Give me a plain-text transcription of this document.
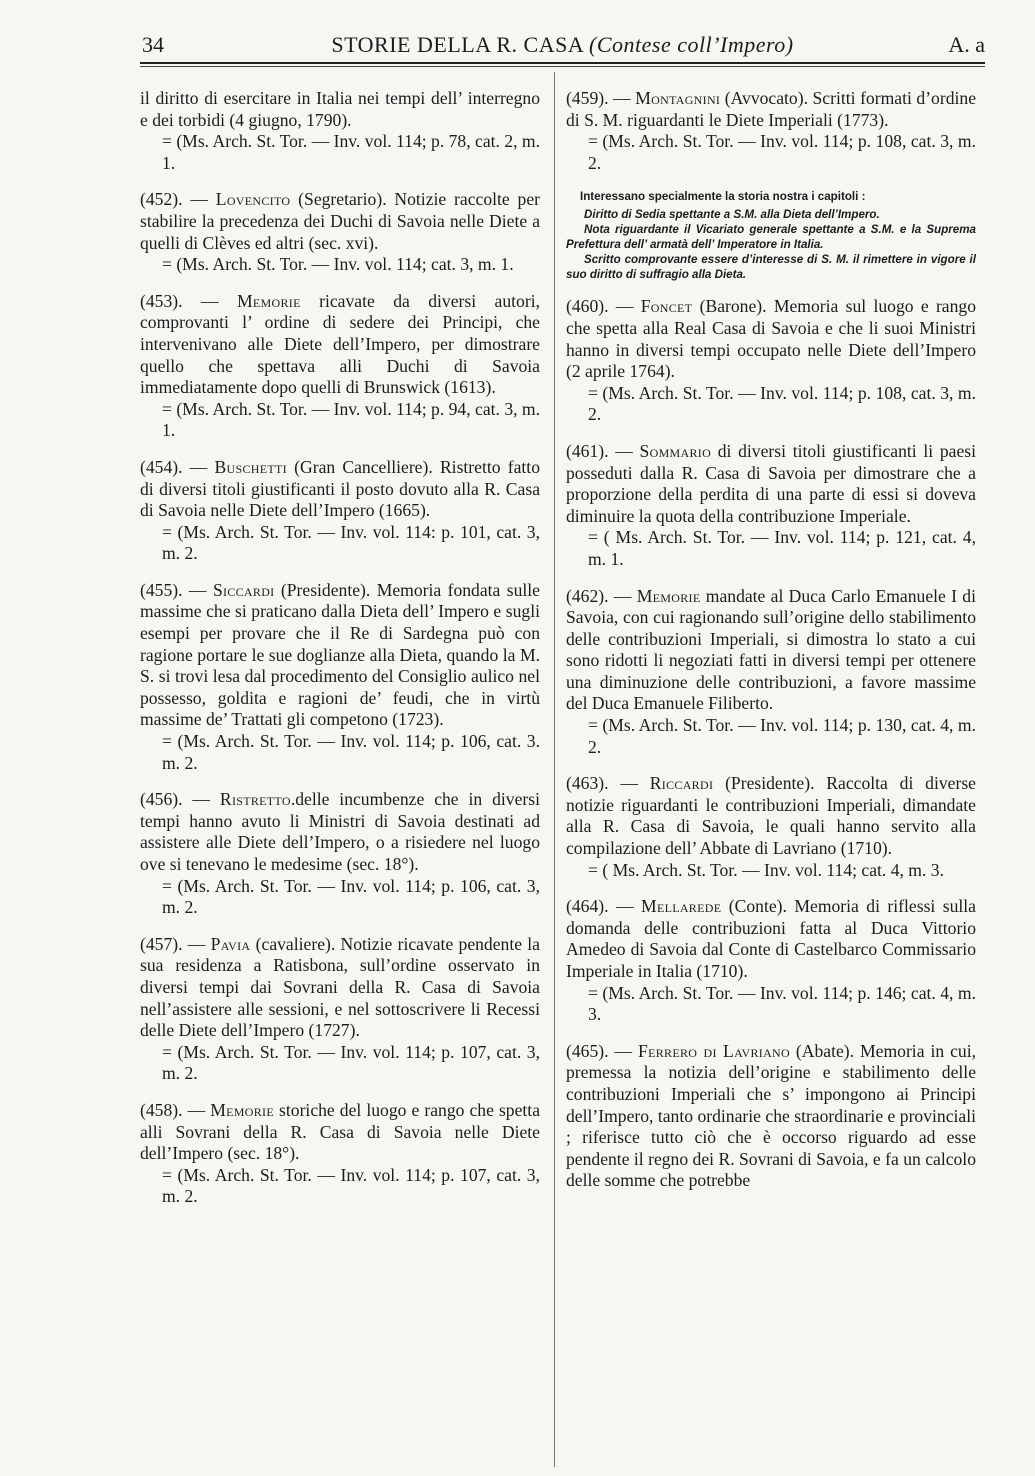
34	STORIE DELLA R. CASA (Contese coll’Impero)	A. a

il diritto di esercitare in Italia nei tempi dell’ interregno e dei torbidi (4 giugno, 1790).

= (Ms. Arch. St. Tor. — Inv. vol. 114; p. 78, cat. 2, m. 1.

(452). — Lovencito (Segretario). Notizie raccolte per stabilire la precedenza dei Duchi di Savoia nelle Diete a quelli di Clèves ed altri (sec. xvi).

= (Ms. Arch. St. Tor. — Inv. vol. 114; cat. 3, m. 1.

(453). — Memorie ricavate da diversi autori, comprovanti l’ ordine di sedere dei Principi, che intervenivano alle Diete dell’Impero, per dimostrare quello che spettava alli Duchi di Savoia immediatamente dopo quelli di Brunswick (1613).

= (Ms. Arch. St. Tor. — Inv. vol. 114; p. 94, cat. 3, m. 1.

(454). — Buschetti (Gran Cancelliere). Ristretto fatto di diversi titoli giustificanti il posto dovuto alla R. Casa di Savoia nelle Diete dell’Impero (1665).

= (Ms. Arch. St. Tor. — Inv. vol. 114: p. 101, cat. 3, m. 2.

(455). — Siccardi (Presidente). Memoria fondata sulle massime che si praticano dalla Dieta dell’ Impero e sugli esempi per provare che il Re di Sardegna può con ragione portare le sue doglianze alla Dieta, quando la M. S. si trovi lesa dal procedimento del Consiglio aulico nel possesso, goldita e ragioni de’ feudi, che in virtù massime de’ Trattati gli competono (1723).

= (Ms. Arch. St. Tor. — Inv. vol. 114; p. 106, cat. 3. m. 2.

(456). — Ristretto.delle incumbenze che in diversi tempi hanno avuto li Ministri di Savoia destinati ad assistere alle Diete dell’Impero, o a risiedere nel luogo ove si tenevano le medesime (sec. 18°).

= (Ms. Arch. St. Tor. — Inv. vol. 114; p. 106, cat. 3, m. 2.

(457). — Pavia (cavaliere). Notizie ricavate pendente la sua residenza a Ratisbona, sull’ordine osservato in diversi tempi dai Sovrani della R. Casa di Savoia nell’assistere alle sessioni, e nel sottoscrivere li Recessi delle Diete dell’Impero (1727).

= (Ms. Arch. St. Tor. — Inv. vol. 114; p. 107, cat. 3, m. 2.

(458). — Memorie storiche del luogo e rango che spetta alli Sovrani della R. Casa di Savoia nelle Diete dell’Impero (sec. 18°).

= (Ms. Arch. St. Tor. — Inv. vol. 114; p. 107, cat. 3, m. 2.

(459). — Montagnini (Avvocato). Scritti formati d’ordine di S. M. riguardanti le Diete Imperiali (1773).

= (Ms. Arch. St. Tor. — Inv. vol. 114; p. 108, cat. 3, m. 2.

Interessano specialmente la storia nostra i capitoli :
Diritto di Sedia spettante a S.M. alla Dieta dell’Impero.
Nota riguardante il Vicariato generale spettante a S.M. e la Suprema Prefettura dell’ armatà dell’ Imperatore in Italia.
Scritto comprovante essere d’interesse di S. M. il rimettere in vigore il suo diritto di suffragio alla Dieta.

(460). — Foncet (Barone). Memoria sul luogo e rango che spetta alla Real Casa di Savoia e che li suoi Ministri hanno in diversi tempi occupato nelle Diete dell’Impero (2 aprile 1764).

= (Ms. Arch. St. Tor. — Inv. vol. 114; p. 108, cat. 3, m. 2.

(461). — Sommario di diversi titoli giustificanti li paesi posseduti dalla R. Casa di Savoia per dimostrare che a proporzione della perdita di una parte di essi si doveva diminuire la quota della contribuzione Imperiale.

= ( Ms. Arch. St. Tor. — Inv. vol. 114; p. 121, cat. 4, m. 1.

(462). — Memorie mandate al Duca Carlo Emanuele I di Savoia, con cui ragionando sull’origine dello stabilimento delle contribuzioni Imperiali, si dimostra lo stato a cui sono ridotti li negoziati fatti in diversi tempi per ottenere una diminuzione delle contribuzioni, a favore massime del Duca Emanuele Filiberto.

= (Ms. Arch. St. Tor. — Inv. vol. 114; p. 130, cat. 4, m. 2.

(463). — Riccardi (Presidente). Raccolta di diverse notizie riguardanti le contribuzioni Imperiali, dimandate alla R. Casa di Savoia, le quali hanno servito alla compilazione dell’ Abbate di Lavriano (1710).

= ( Ms. Arch. St. Tor. — Inv. vol. 114; cat. 4, m. 3.

(464). — Mellarede (Conte). Memoria di riflessi sulla domanda delle contribuzioni fatta al Duca Vittorio Amedeo di Savoia dal Conte di Castelbarco Commissario Imperiale in Italia (1710).

= (Ms. Arch. St. Tor. — Inv. vol. 114; p. 146; cat. 4, m. 3.

(465). — Ferrero di Lavriano (Abate). Memoria in cui, premessa la notizia dell’origine e stabilimento delle contribuzioni Imperiali che s’ impongono ai Principi dell’Impero, tanto ordinarie che straordinarie e provinciali ; riferisce tutto ciò che è occorso riguardo ad esse pendente il regno dei R. Sovrani di Savoia, e fa un calcolo delle somme che potrebbe
